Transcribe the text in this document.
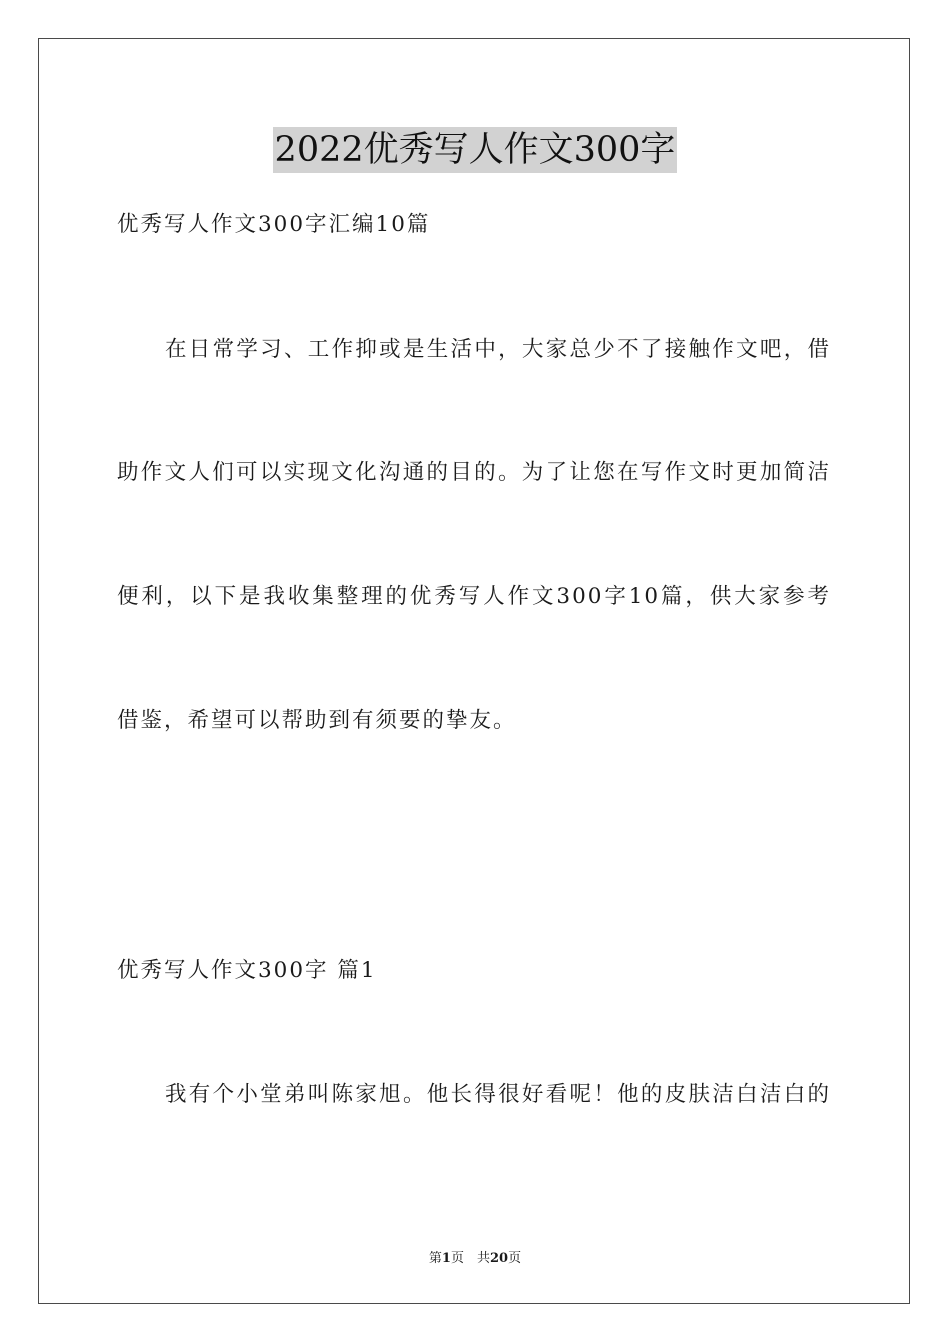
2022优秀写人作文300字

优秀写人作文300字汇编10篇

在日常学习、工作抑或是生活中，大家总少不了接触作文吧，借

助作文人们可以实现文化沟通的目的。为了让您在写作文时更加简洁

便利，以下是我收集整理的优秀写人作文300字10篇，供大家参考

借鉴，希望可以帮助到有须要的挚友。

优秀写人作文300字 篇1

我有个小堂弟叫陈家旭。他长得很好看呢！他的皮肤洁白洁白的

第1页　共20页
